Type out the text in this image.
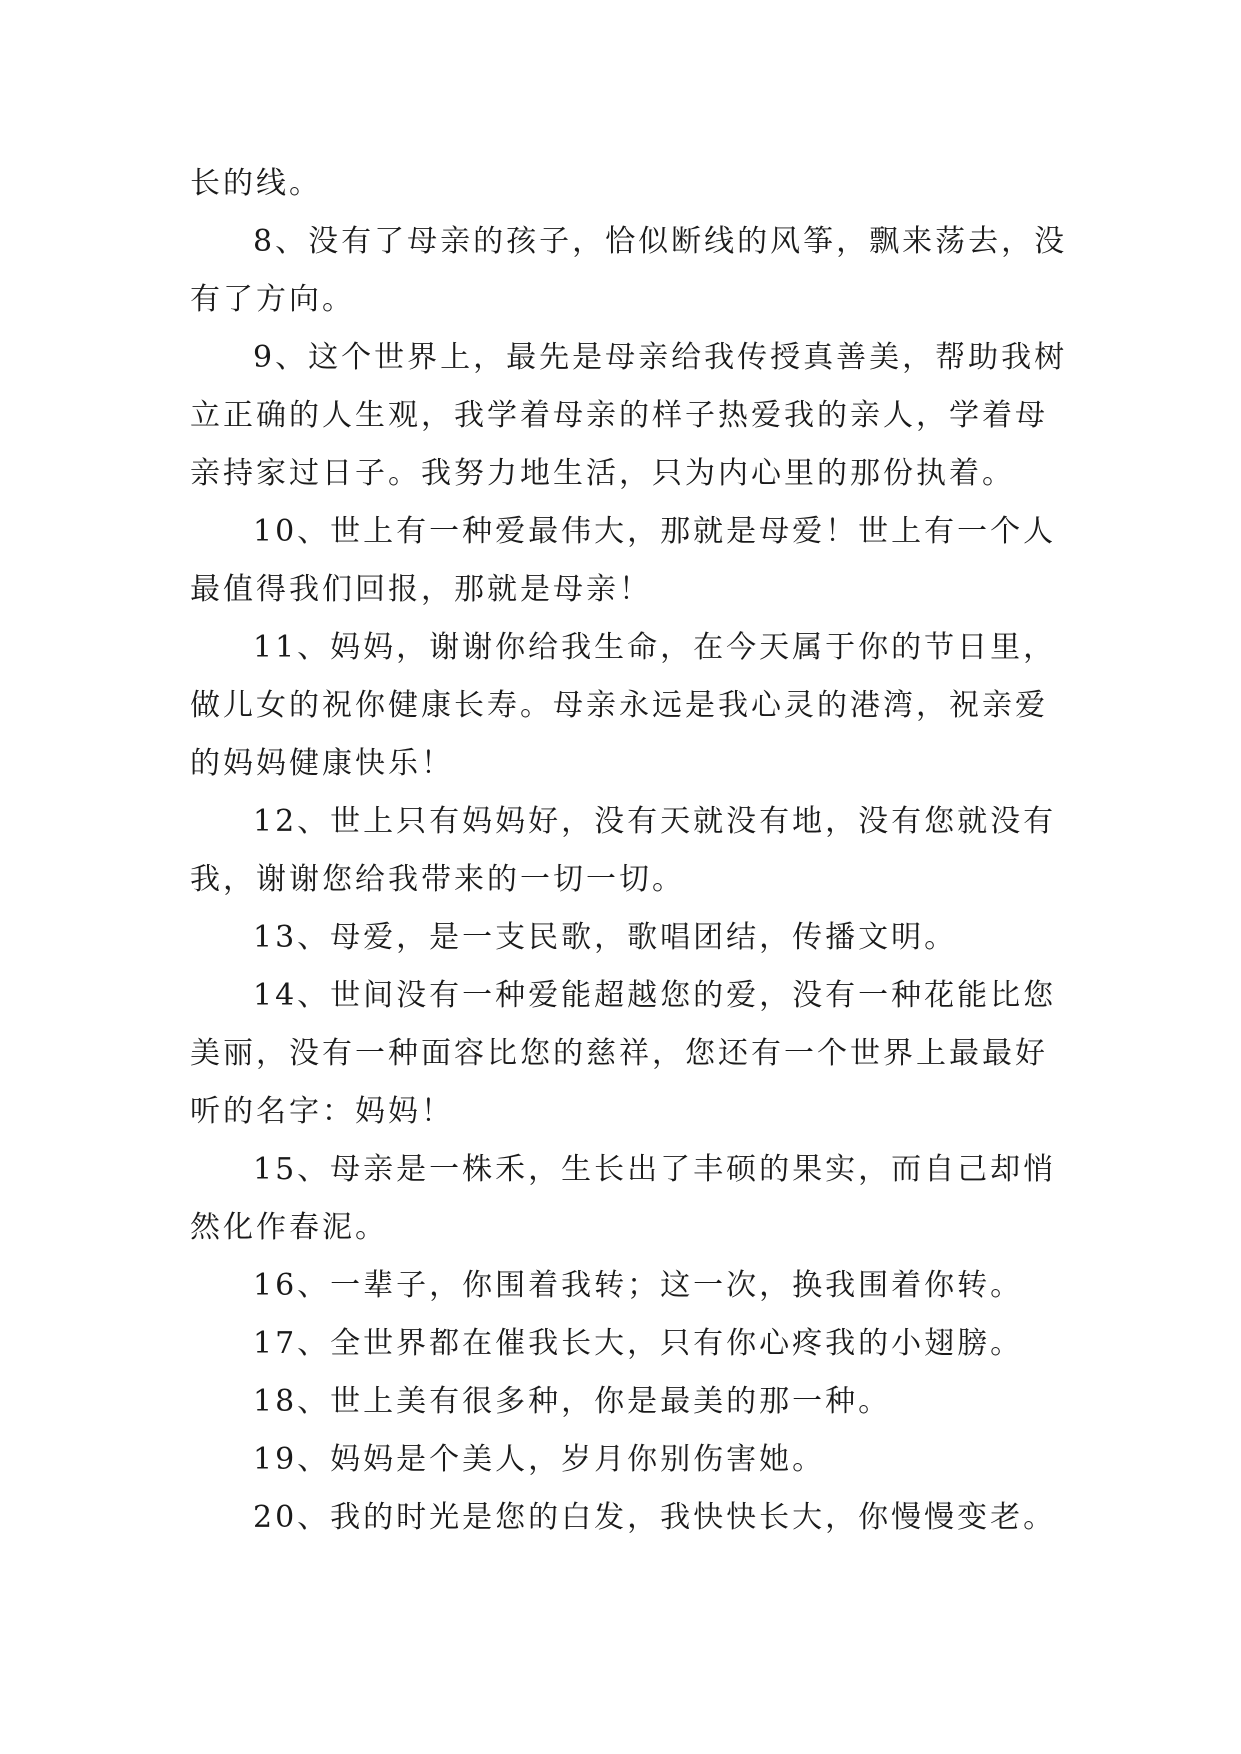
长的线。

8、没有了母亲的孩子，恰似断线的风筝，飘来荡去，没有了方向。

9、这个世界上，最先是母亲给我传授真善美，帮助我树立正确的人生观，我学着母亲的样子热爱我的亲人，学着母亲持家过日子。我努力地生活，只为内心里的那份执着。

10、世上有一种爱最伟大，那就是母爱！世上有一个人最值得我们回报，那就是母亲！

11、妈妈，谢谢你给我生命，在今天属于你的节日里，做儿女的祝你健康长寿。母亲永远是我心灵的港湾，祝亲爱的妈妈健康快乐！

12、世上只有妈妈好，没有天就没有地，没有您就没有我，谢谢您给我带来的一切一切。

13、母爱，是一支民歌，歌唱团结，传播文明。

14、世间没有一种爱能超越您的爱，没有一种花能比您美丽，没有一种面容比您的慈祥，您还有一个世界上最最好听的名字：妈妈！

15、母亲是一株禾，生长出了丰硕的果实，而自己却悄然化作春泥。

16、一辈子，你围着我转；这一次，换我围着你转。

17、全世界都在催我长大，只有你心疼我的小翅膀。

18、世上美有很多种，你是最美的那一种。

19、妈妈是个美人，岁月你别伤害她。

20、我的时光是您的白发，我快快长大，你慢慢变老。
